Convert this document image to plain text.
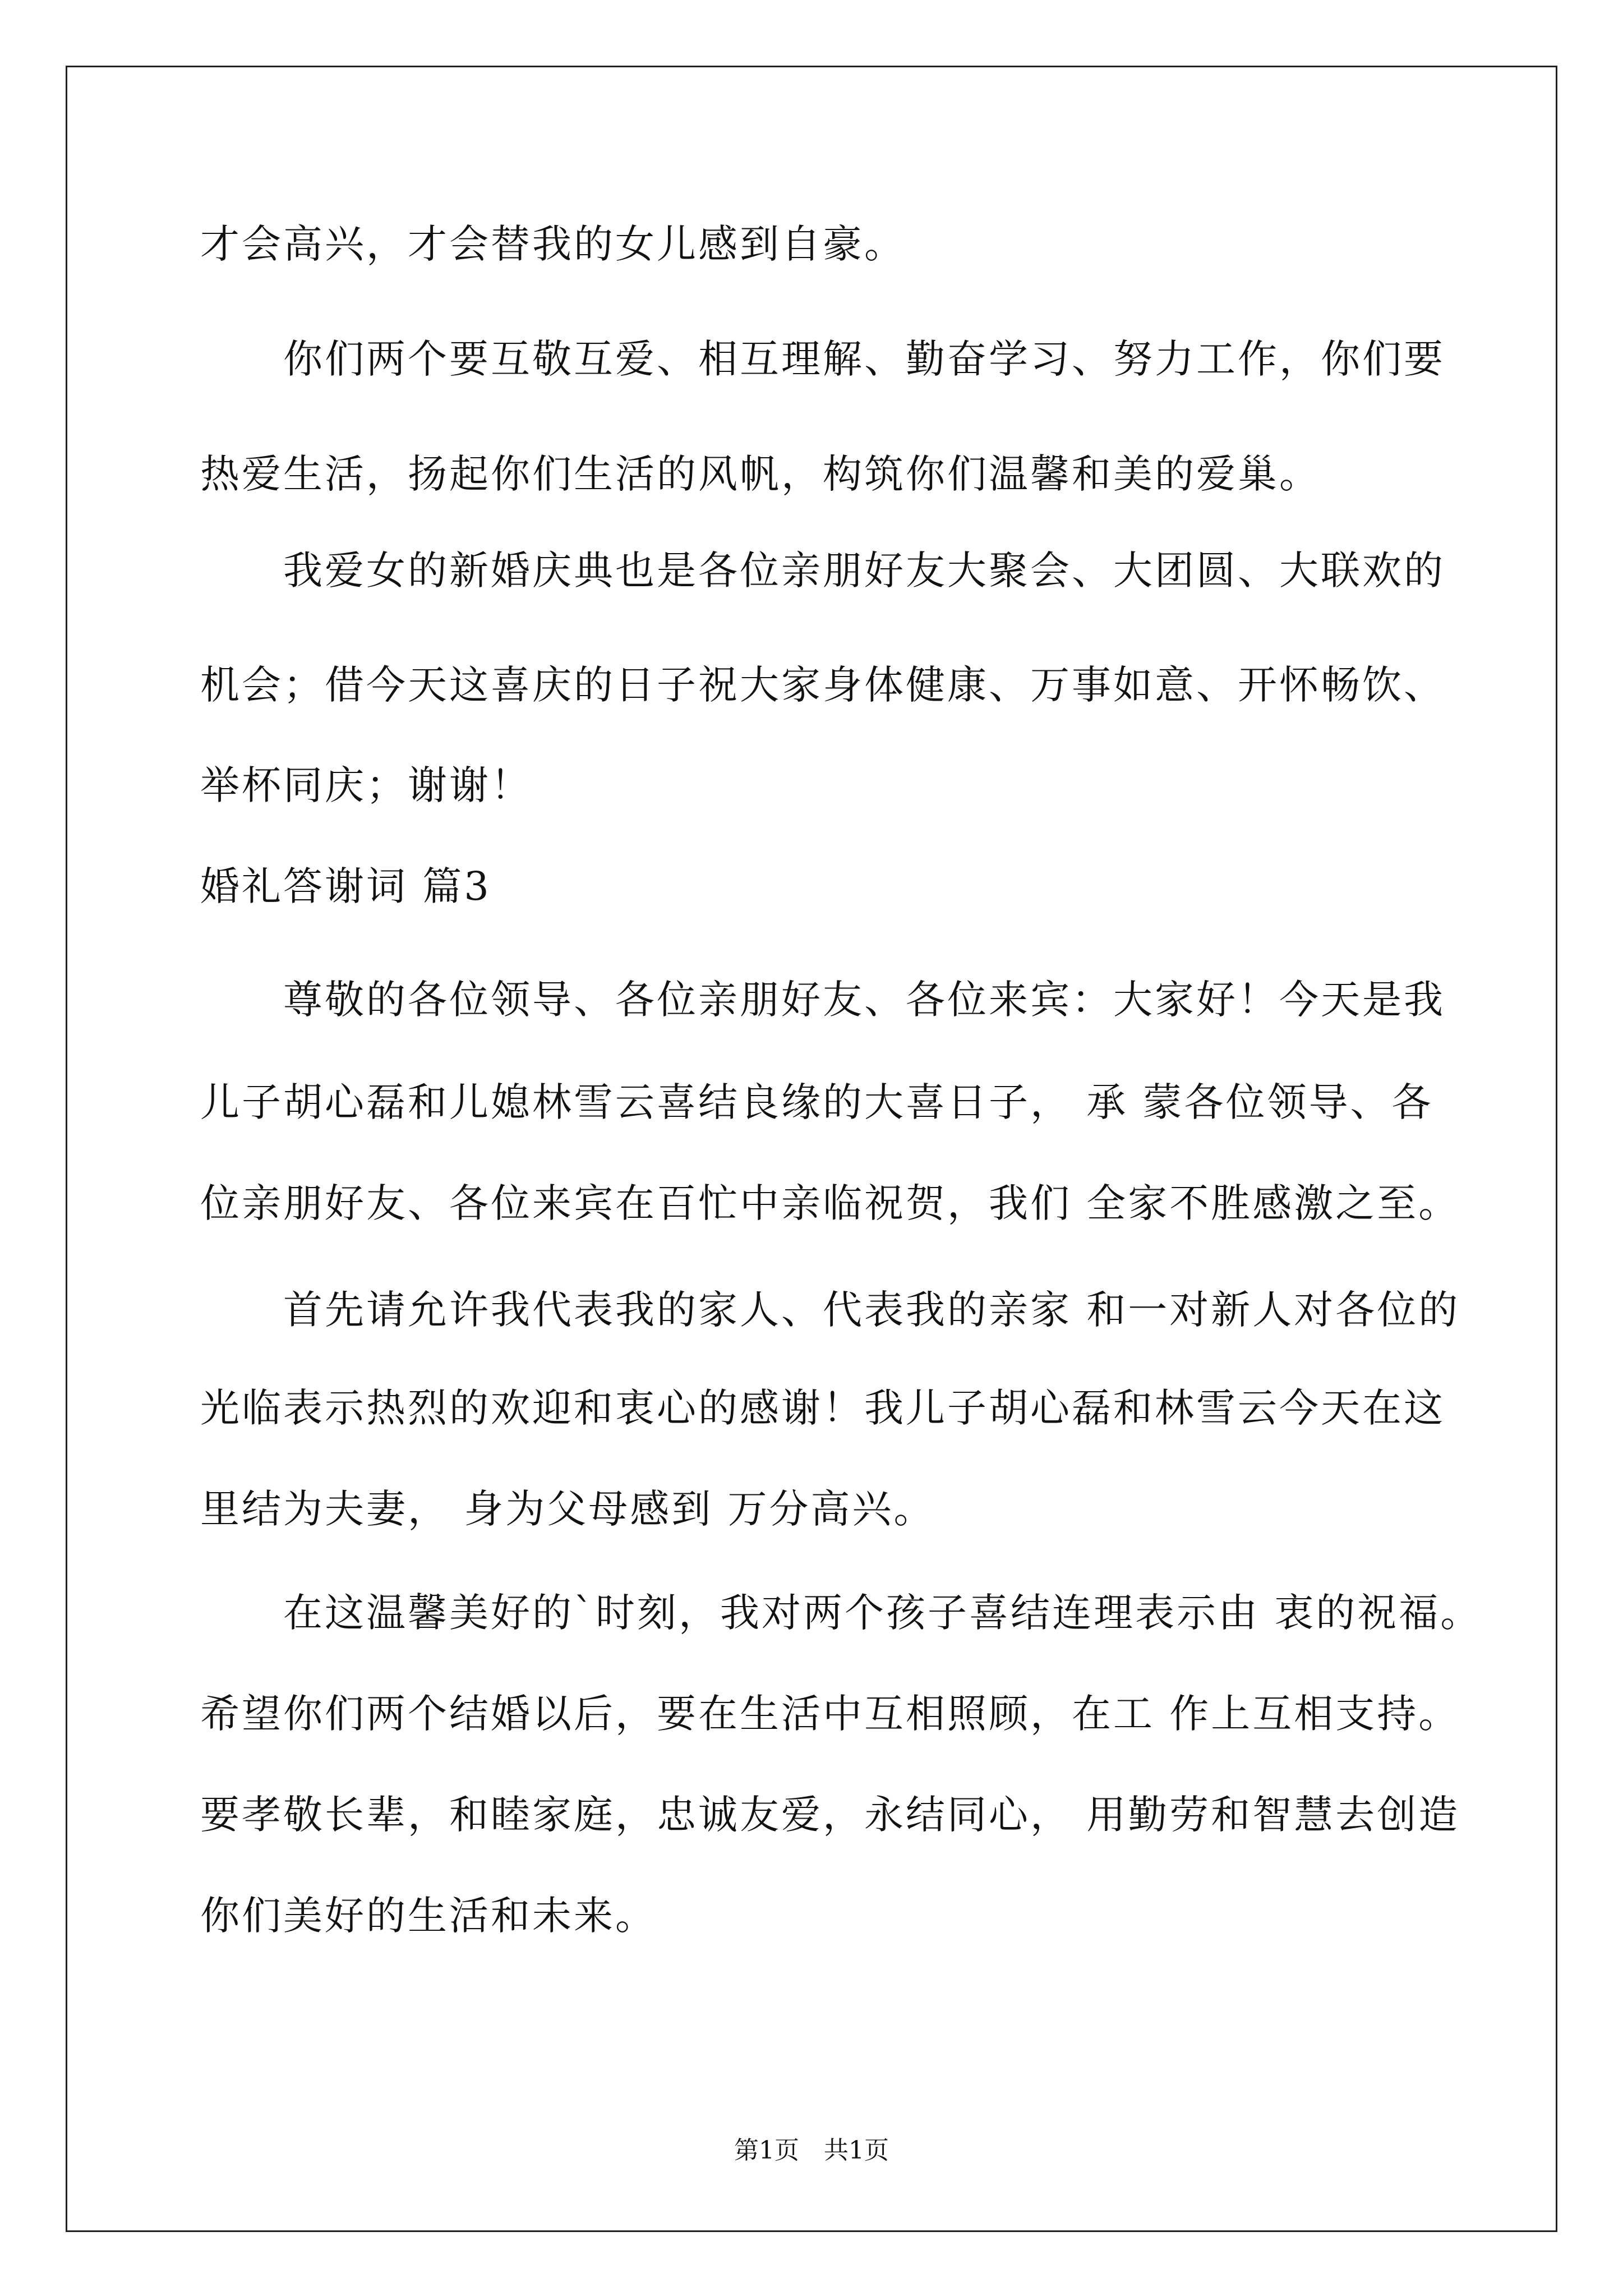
才会高兴，才会替我的女儿感到自豪。
你们两个要互敬互爱、相互理解、勤奋学习、努力工作，你们要
热爱生活，扬起你们生活的风帆，构筑你们温馨和美的爱巢。
我爱女的新婚庆典也是各位亲朋好友大聚会、大团圆、大联欢的
机会；借今天这喜庆的日子祝大家身体健康、万事如意、开怀畅饮、
举杯同庆；谢谢！
婚礼答谢词 篇3
尊敬的各位领导、各位亲朋好友、各位来宾：大家好！今天是我
儿子胡心磊和儿媳林雪云喜结良缘的大喜日子， 承 蒙各位领导、各
位亲朋好友、各位来宾在百忙中亲临祝贺，我们 全家不胜感激之至。
首先请允许我代表我的家人、代表我的亲家 和一对新人对各位的
光临表示热烈的欢迎和衷心的感谢！我儿子胡心磊和林雪云今天在这
里结为夫妻， 身为父母感到 万分高兴。
在这温馨美好的`时刻，我对两个孩子喜结连理表示由 衷的祝福。
希望你们两个结婚以后，要在生活中互相照顾，在工 作上互相支持。
要孝敬长辈，和睦家庭，忠诚友爱，永结同心， 用勤劳和智慧去创造
你们美好的生活和未来。
第1页　共1页
